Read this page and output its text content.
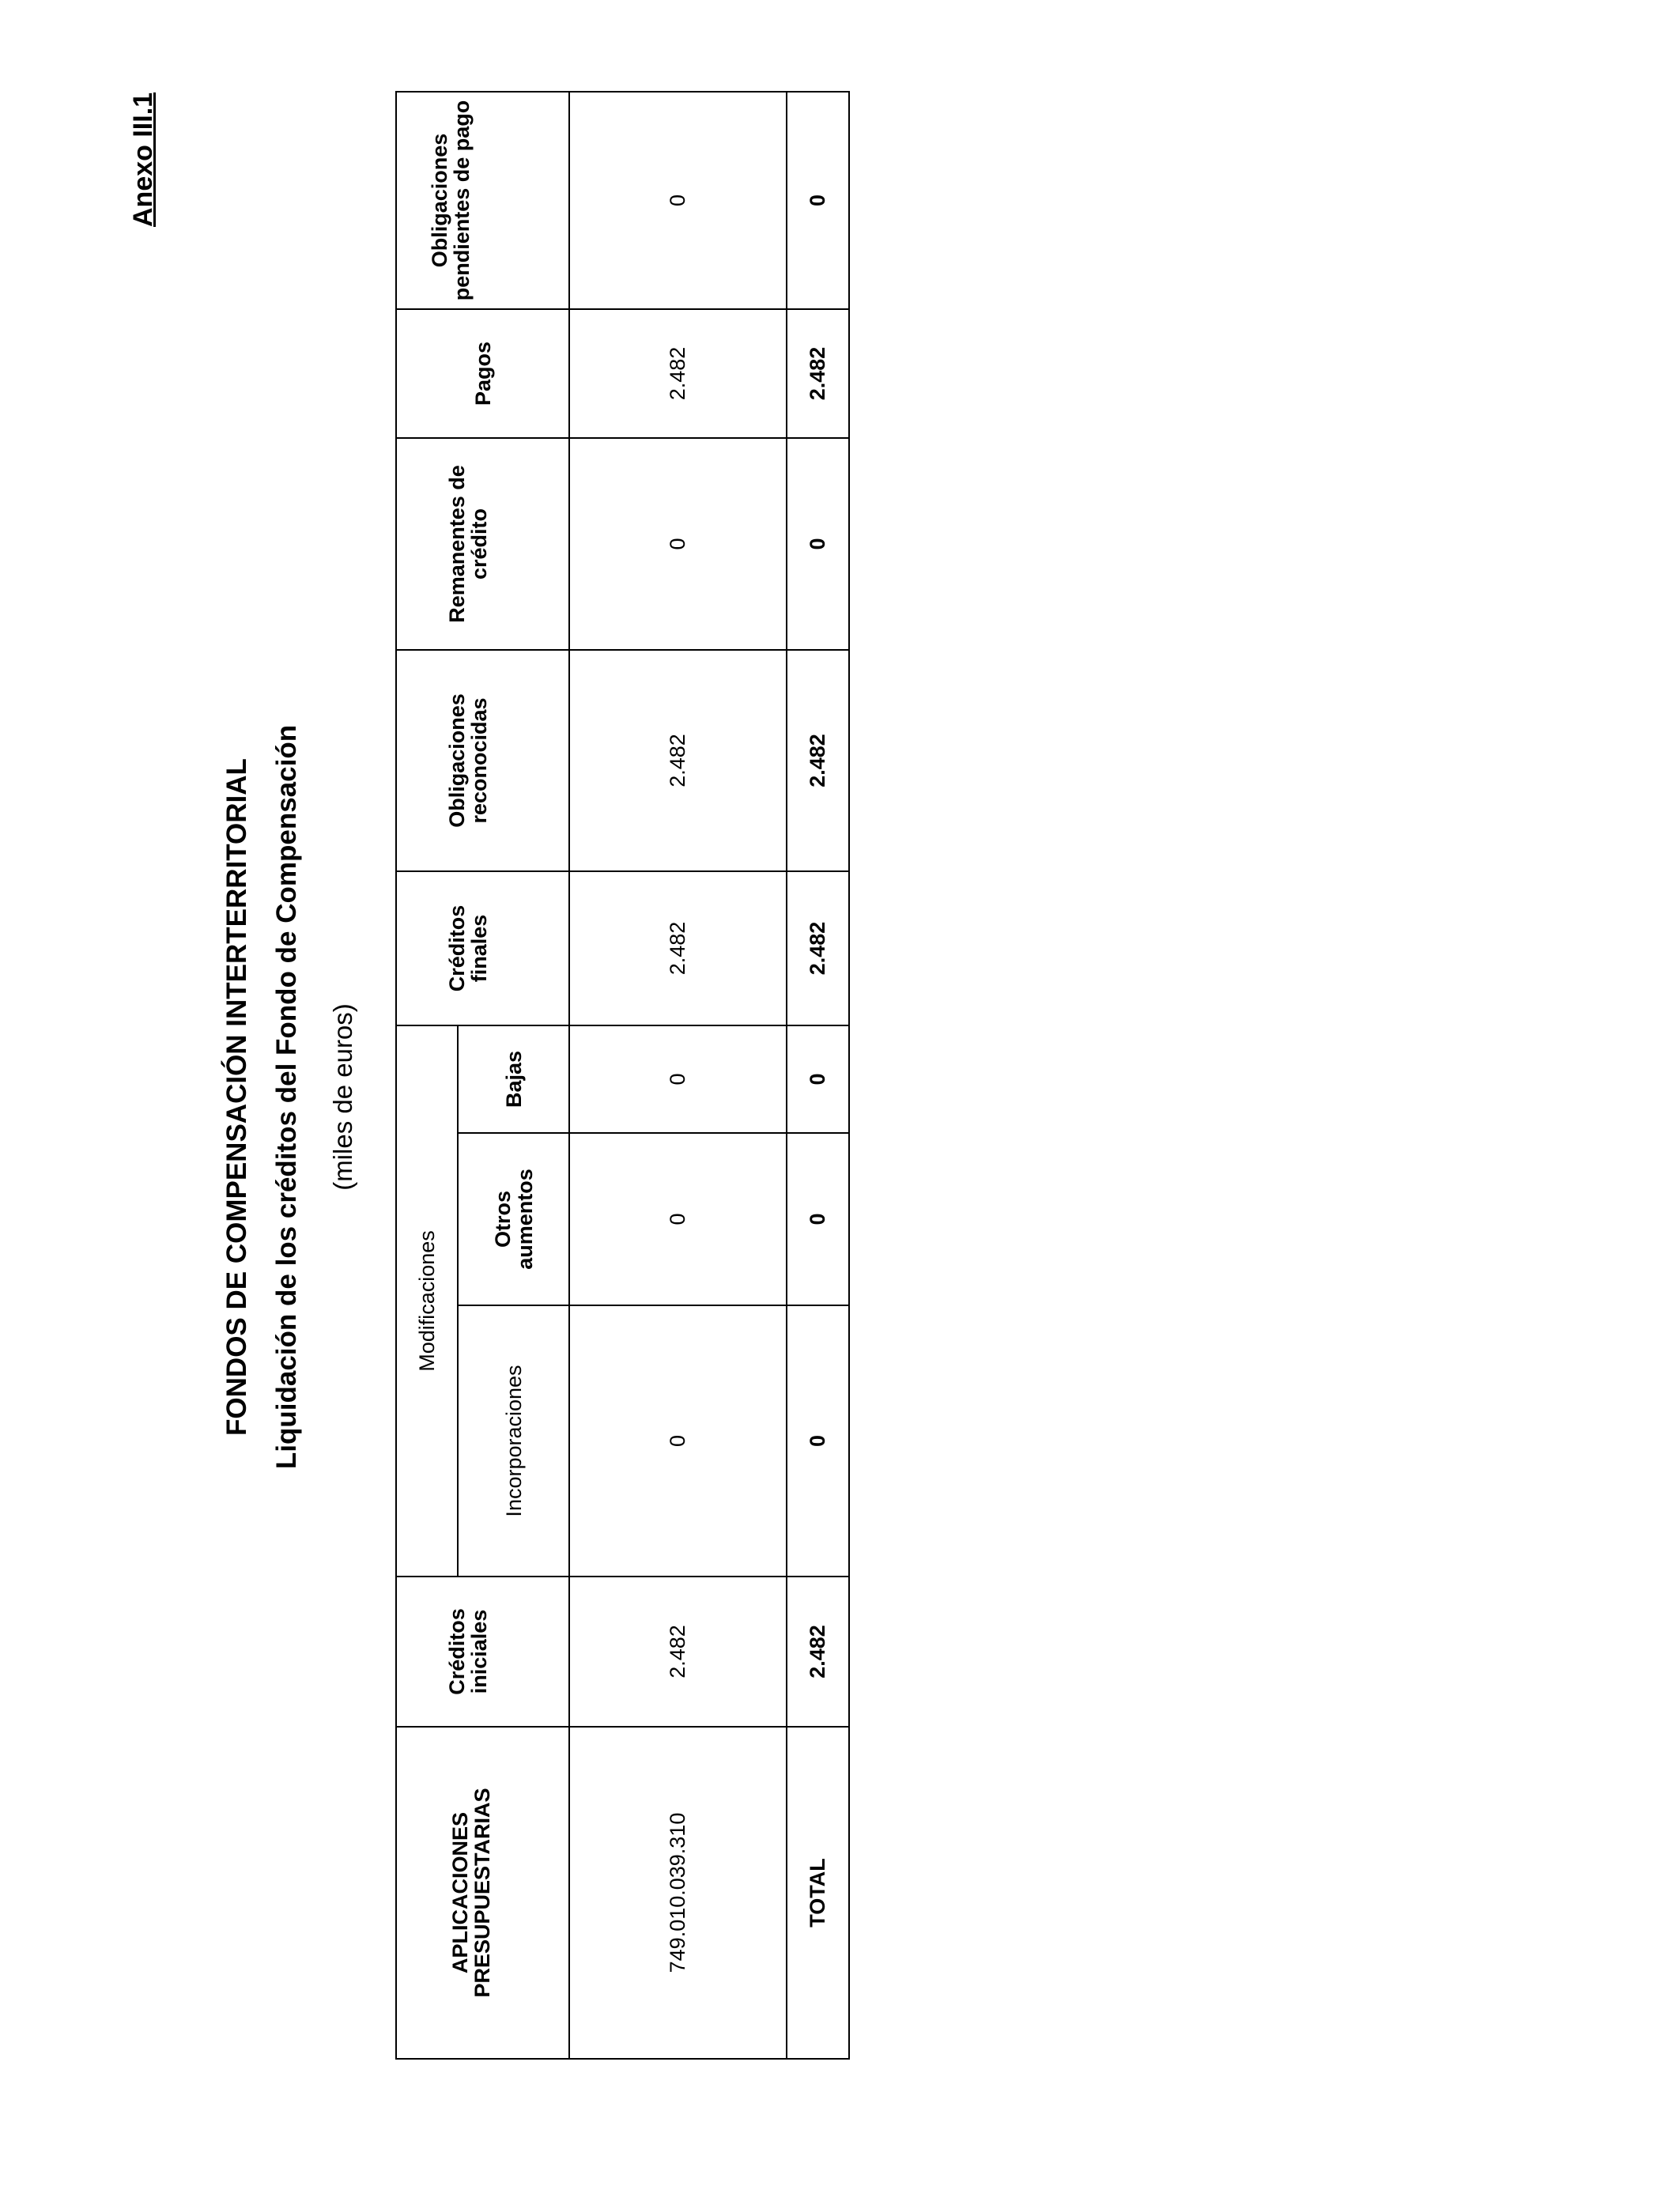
Anexo III.1
FONDOS DE COMPENSACIÓN INTERTERRITORIAL Liquidación de los créditos del Fondo de Compensación (miles de euros)
APLICACIONES PRESUPUESTARIAS	Créditos iniciales	Modificaciones			Créditos finales	Obligaciones reconocidas	Remanentes de crédito	Pagos	Obligaciones pendientes de pago
		Incorporaciones	Otros aumentos	Bajas					
749.010.039.310	2.482	0	0	0	2.482	2.482	0	2.482	0
TOTAL	2.482	0	0	0	2.482	2.482	0	2.482	0
